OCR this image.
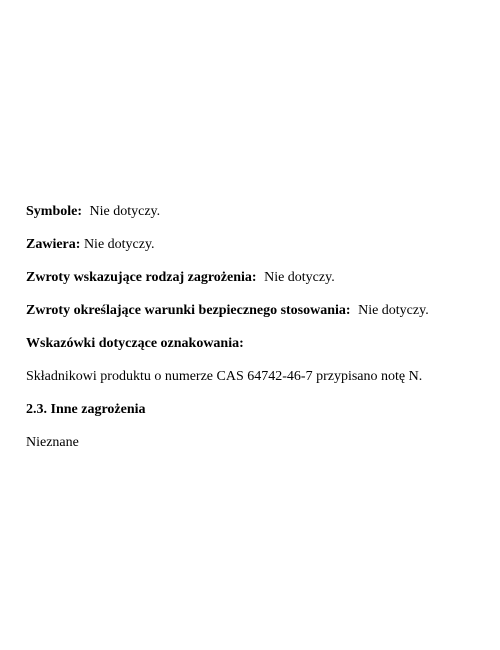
Symbole: Nie dotyczy.

Zawiera: Nie dotyczy.

Zwroty wskazujące rodzaj zagrożenia: Nie dotyczy.

Zwroty określające warunki bezpiecznego stosowania: Nie dotyczy.

Wskazówki dotyczące oznakowania:

Składnikowi produktu o numerze CAS 64742-46-7 przypisano notę N.

2.3. Inne zagrożenia

Nieznane
